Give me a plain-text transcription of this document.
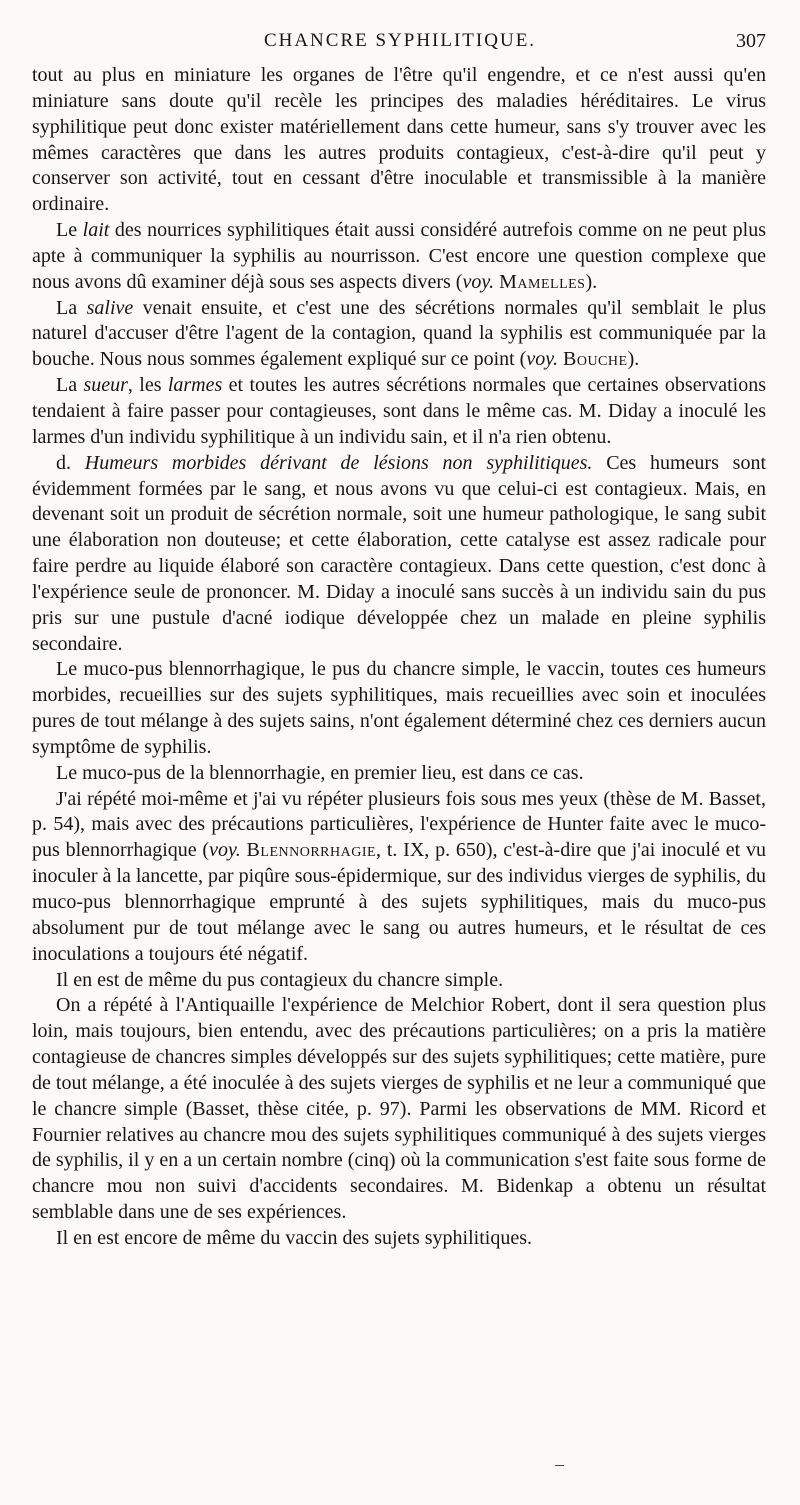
CHANCRE SYPHILITIQUE.	307

tout au plus en miniature les organes de l'être qu'il engendre, et ce n'est aussi qu'en miniature sans doute qu'il recèle les principes des maladies héréditaires. Le virus syphilitique peut donc exister matériellement dans cette humeur, sans s'y trouver avec les mêmes caractères que dans les autres produits contagieux, c'est-à-dire qu'il peut y conserver son activité, tout en cessant d'être inoculable et transmissible à la manière ordinaire.

Le lait des nourrices syphilitiques était aussi considéré autrefois comme on ne peut plus apte à communiquer la syphilis au nourrisson. C'est encore une question complexe que nous avons dû examiner déjà sous ses aspects divers (voy. Mamelles).

La salive venait ensuite, et c'est une des sécrétions normales qu'il semblait le plus naturel d'accuser d'être l'agent de la contagion, quand la syphilis est communiquée par la bouche. Nous nous sommes également expliqué sur ce point (voy. Bouche).

La sueur, les larmes et toutes les autres sécrétions normales que certaines observations tendaient à faire passer pour contagieuses, sont dans le même cas. M. Diday a inoculé les larmes d'un individu syphilitique à un individu sain, et il n'a rien obtenu.

d. Humeurs morbides dérivant de lésions non syphilitiques. Ces humeurs sont évidemment formées par le sang, et nous avons vu que celui-ci est contagieux. Mais, en devenant soit un produit de sécrétion normale, soit une humeur pathologique, le sang subit une élaboration non douteuse; et cette élaboration, cette catalyse est assez radicale pour faire perdre au liquide élaboré son caractère contagieux. Dans cette question, c'est donc à l'expérience seule de prononcer. M. Diday a inoculé sans succès à un individu sain du pus pris sur une pustule d'acné iodique développée chez un malade en pleine syphilis secondaire.

Le muco-pus blennorrhagique, le pus du chancre simple, le vaccin, toutes ces humeurs morbides, recueillies sur des sujets syphilitiques, mais recueillies avec soin et inoculées pures de tout mélange à des sujets sains, n'ont également déterminé chez ces derniers aucun symptôme de syphilis.

Le muco-pus de la blennorrhagie, en premier lieu, est dans ce cas.

J'ai répété moi-même et j'ai vu répéter plusieurs fois sous mes yeux (thèse de M. Basset, p. 54), mais avec des précautions particulières, l'expérience de Hunter faite avec le muco-pus blennorrhagique (voy. Blennorrhagie, t. IX, p. 650), c'est-à-dire que j'ai inoculé et vu inoculer à la lancette, par piqûre sous-épidermique, sur des individus vierges de syphilis, du muco-pus blennorrhagique emprunté à des sujets syphilitiques, mais du muco-pus absolument pur de tout mélange avec le sang ou autres humeurs, et le résultat de ces inoculations a toujours été négatif.

Il en est de même du pus contagieux du chancre simple.

On a répété à l'Antiquaille l'expérience de Melchior Robert, dont il sera question plus loin, mais toujours, bien entendu, avec des précautions particulières; on a pris la matière contagieuse de chancres simples développés sur des sujets syphilitiques; cette matière, pure de tout mélange, a été inoculée à des sujets vierges de syphilis et ne leur a communiqué que le chancre simple (Basset, thèse citée, p. 97). Parmi les observations de MM. Ricord et Fournier relatives au chancre mou des sujets syphilitiques communiqué à des sujets vierges de syphilis, il y en a un certain nombre (cinq) où la communication s'est faite sous forme de chancre mou non suivi d'accidents secondaires. M. Bidenkap a obtenu un résultat semblable dans une de ses expériences.

Il en est encore de même du vaccin des sujets syphilitiques.
